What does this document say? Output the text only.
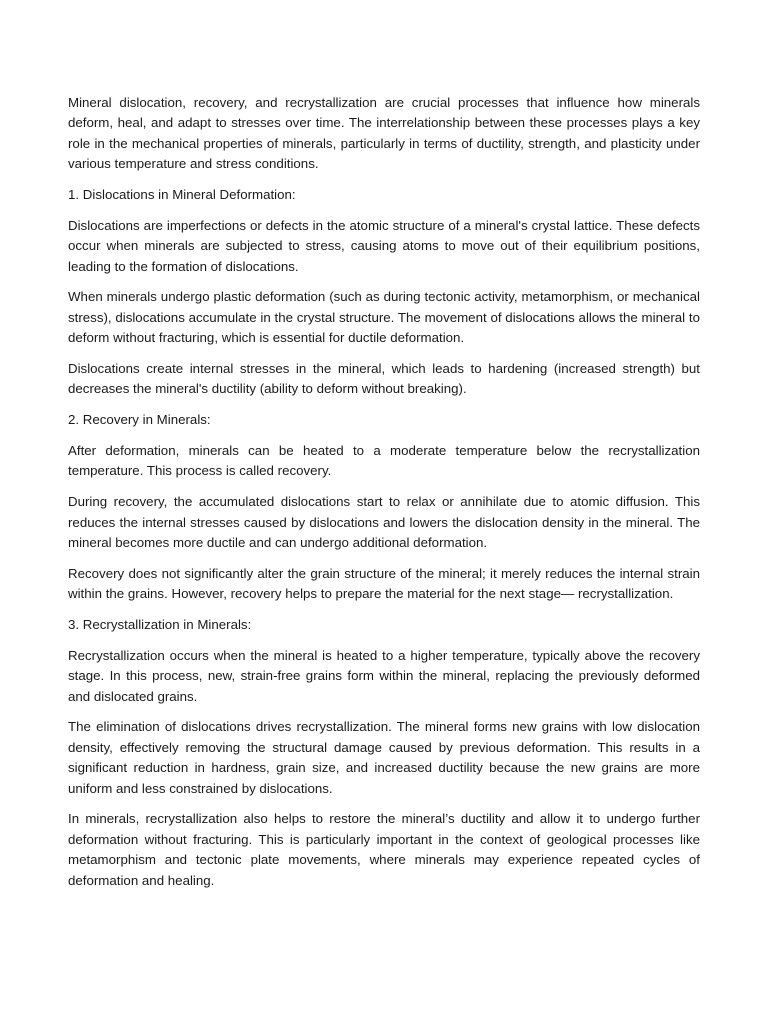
Mineral dislocation, recovery, and recrystallization are crucial processes that influence how minerals deform, heal, and adapt to stresses over time. The interrelationship between these processes plays a key role in the mechanical properties of minerals, particularly in terms of ductility, strength, and plasticity under various temperature and stress conditions.

1. Dislocations in Mineral Deformation:

Dislocations are imperfections or defects in the atomic structure of a mineral's crystal lattice. These defects occur when minerals are subjected to stress, causing atoms to move out of their equilibrium positions, leading to the formation of dislocations.

When minerals undergo plastic deformation (such as during tectonic activity, metamorphism, or mechanical stress), dislocations accumulate in the crystal structure. The movement of dislocations allows the mineral to deform without fracturing, which is essential for ductile deformation.

Dislocations create internal stresses in the mineral, which leads to hardening (increased strength) but decreases the mineral's ductility (ability to deform without breaking).

2. Recovery in Minerals:

After deformation, minerals can be heated to a moderate temperature below the recrystallization temperature. This process is called recovery.

During recovery, the accumulated dislocations start to relax or annihilate due to atomic diffusion. This reduces the internal stresses caused by dislocations and lowers the dislocation density in the mineral. The mineral becomes more ductile and can undergo additional deformation.

Recovery does not significantly alter the grain structure of the mineral; it merely reduces the internal strain within the grains. However, recovery helps to prepare the material for the next stage— recrystallization.

3. Recrystallization in Minerals:

Recrystallization occurs when the mineral is heated to a higher temperature, typically above the recovery stage. In this process, new, strain-free grains form within the mineral, replacing the previously deformed and dislocated grains.

The elimination of dislocations drives recrystallization. The mineral forms new grains with low dislocation density, effectively removing the structural damage caused by previous deformation. This results in a significant reduction in hardness, grain size, and increased ductility because the new grains are more uniform and less constrained by dislocations.

In minerals, recrystallization also helps to restore the mineral’s ductility and allow it to undergo further deformation without fracturing. This is particularly important in the context of geological processes like metamorphism and tectonic plate movements, where minerals may experience repeated cycles of deformation and healing.
